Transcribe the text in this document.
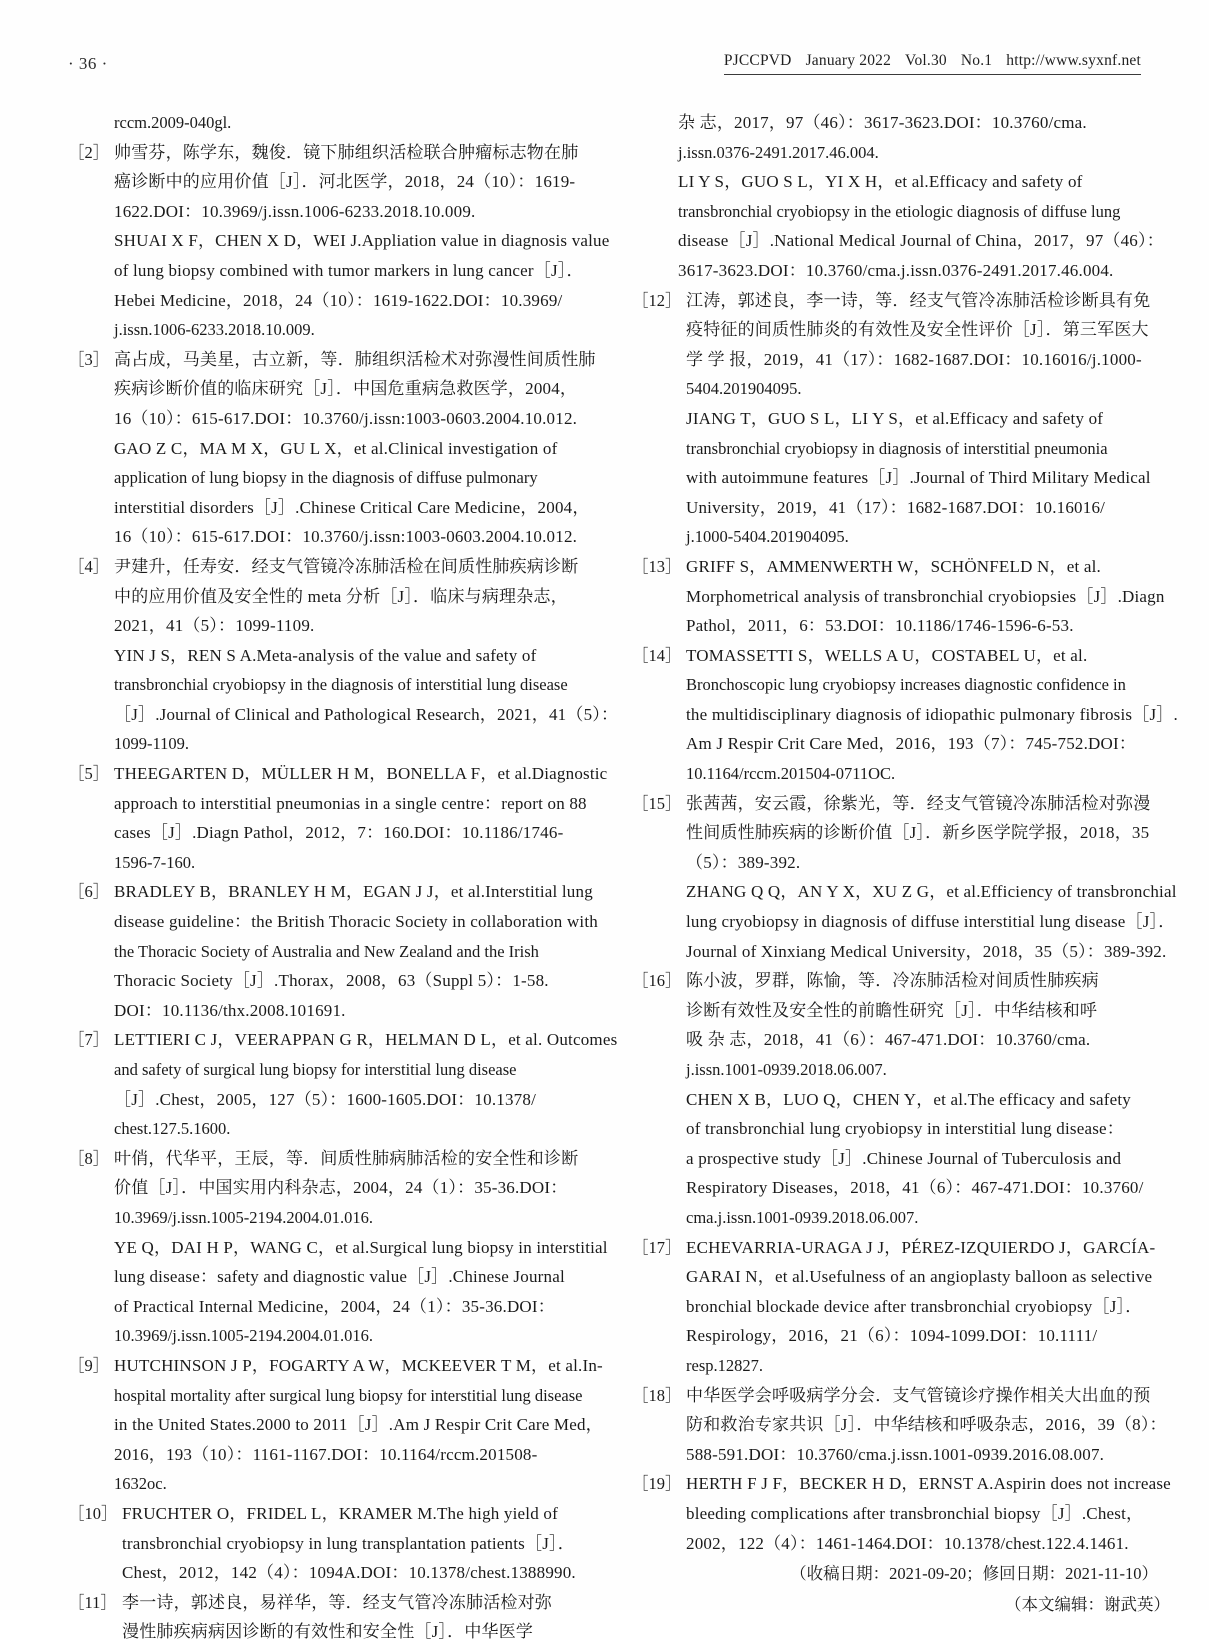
· 36 ·	PJCCPVD January 2022 Vol.30 No.1 http://www.syxnf.net
rccm.2009-040gl.
［2］ 帅雪芬，陈学东，魏俊．镜下肺组织活检联合肿瘤标志物在肺
癌诊断中的应用价值［J］．河北医学，2018，24（10）：1619-
1622.DOI：10.3969/j.issn.1006-6233.2018.10.009.
SHUAI X F，CHEN X D，WEI J.Appliation value in diagnosis value
of lung biopsy combined with tumor markers in lung cancer［J］．
Hebei Medicine，2018，24（10）：1619-1622.DOI：10.3969/
j.issn.1006-6233.2018.10.009.
［3］ 高占成，马美星，古立新，等．肺组织活检术对弥漫性间质性肺
疾病诊断价值的临床研究［J］．中国危重病急救医学，2004，
16（10）：615-617.DOI：10.3760/j.issn:1003-0603.2004.10.012.
GAO Z C，MA M X，GU L X，et al.Clinical investigation of
application of lung biopsy in the diagnosis of diffuse pulmonary
interstitial disorders［J］.Chinese Critical Care Medicine，2004，
16（10）：615-617.DOI：10.3760/j.issn:1003-0603.2004.10.012.
［4］ 尹建升，任寿安．经支气管镜冷冻肺活检在间质性肺疾病诊断
中的应用价值及安全性的 meta 分析［J］．临床与病理杂志，
2021，41（5）：1099-1109.
YIN J S，REN S A.Meta-analysis of the value and safety of
transbronchial cryobiopsy in the diagnosis of interstitial lung disease
［J］.Journal of Clinical and Pathological Research，2021，41（5）：
1099-1109.
［5］ THEEGARTEN D，MÜLLER H M，BONELLA F，et al.Diagnostic
approach to interstitial pneumonias in a single centre：report on 88
cases［J］.Diagn Pathol，2012，7：160.DOI：10.1186/1746-
1596-7-160.
［6］ BRADLEY B，BRANLEY H M，EGAN J J，et al.Interstitial lung
disease guideline：the British Thoracic Society in collaboration with
the Thoracic Society of Australia and New Zealand and the Irish
Thoracic Society［J］.Thorax，2008，63（Suppl 5）：1-58.
DOI：10.1136/thx.2008.101691.
［7］ LETTIERI C J，VEERAPPAN G R，HELMAN D L，et al. Outcomes
and safety of surgical lung biopsy for interstitial lung disease
［J］.Chest，2005，127（5）：1600-1605.DOI：10.1378/
chest.127.5.1600.
［8］ 叶俏，代华平，王辰，等．间质性肺病肺活检的安全性和诊断
价值［J］．中国实用内科杂志，2004，24（1）：35-36.DOI：
10.3969/j.issn.1005-2194.2004.01.016.
YE Q，DAI H P，WANG C，et al.Surgical lung biopsy in interstitial
lung disease：safety and diagnostic value［J］.Chinese Journal
of Practical Internal Medicine，2004，24（1）：35-36.DOI：
10.3969/j.issn.1005-2194.2004.01.016.
［9］ HUTCHINSON J P，FOGARTY A W，MCKEEVER T M，et al.In-
hospital mortality after surgical lung biopsy for interstitial lung disease
in the United States.2000 to 2011［J］.Am J Respir Crit Care Med，
2016，193（10）：1161-1167.DOI：10.1164/rccm.201508-
1632oc.
［10］ FRUCHTER O，FRIDEL L，KRAMER M.The high yield of
transbronchial cryobiopsy in lung transplantation patients［J］．
Chest，2012，142（4）：1094A.DOI：10.1378/chest.1388990.
［11］ 李一诗，郭述良，易祥华，等．经支气管冷冻肺活检对弥
漫性肺疾病病因诊断的有效性和安全性［J］．中华医学
杂 志，2017，97（46）：3617-3623.DOI：10.3760/cma.
j.issn.0376-2491.2017.46.004.
LI Y S，GUO S L，YI X H，et al.Efficacy and safety of
transbronchial cryobiopsy in the etiologic diagnosis of diffuse lung
disease［J］.National Medical Journal of China，2017，97（46）：
3617-3623.DOI：10.3760/cma.j.issn.0376-2491.2017.46.004.
［12］ 江涛，郭述良，李一诗，等．经支气管冷冻肺活检诊断具有免
疫特征的间质性肺炎的有效性及安全性评价［J］．第三军医大
学 学 报，2019，41（17）：1682-1687.DOI：10.16016/j.1000-
5404.201904095.
JIANG T，GUO S L，LI Y S，et al.Efficacy and safety of
transbronchial cryobiopsy in diagnosis of interstitial pneumonia
with autoimmune features［J］.Journal of Third Military Medical
University，2019，41（17）：1682-1687.DOI：10.16016/
j.1000-5404.201904095.
［13］ GRIFF S，AMMENWERTH W，SCHÖNFELD N，et al.
Morphometrical analysis of transbronchial cryobiopsies［J］.Diagn
Pathol，2011，6：53.DOI：10.1186/1746-1596-6-53.
［14］ TOMASSETTI S，WELLS A U，COSTABEL U，et al.
Bronchoscopic lung cryobiopsy increases diagnostic confidence in
the multidisciplinary diagnosis of idiopathic pulmonary fibrosis［J］.
Am J Respir Crit Care Med，2016，193（7）：745-752.DOI：
10.1164/rccm.201504-0711OC.
［15］ 张茜茜，安云霞，徐紫光，等．经支气管镜冷冻肺活检对弥漫
性间质性肺疾病的诊断价值［J］．新乡医学院学报，2018，35
（5）：389-392.
ZHANG Q Q，AN Y X，XU Z G，et al.Efficiency of transbronchial
lung cryobiopsy in diagnosis of diffuse interstitial lung disease［J］．
Journal of Xinxiang Medical University，2018，35（5）：389-392.
［16］ 陈小波，罗群，陈愉，等．冷冻肺活检对间质性肺疾病
诊断有效性及安全性的前瞻性研究［J］．中华结核和呼
吸 杂 志，2018，41（6）：467-471.DOI：10.3760/cma.
j.issn.1001-0939.2018.06.007.
CHEN X B，LUO Q，CHEN Y，et al.The efficacy and safety
of transbronchial lung cryobiopsy in interstitial lung disease：
a prospective study［J］.Chinese Journal of Tuberculosis and
Respiratory Diseases，2018，41（6）：467-471.DOI：10.3760/
cma.j.issn.1001-0939.2018.06.007.
［17］ ECHEVARRIA-URAGA J J，PÉREZ-IZQUIERDO J，GARCÍA-
GARAI N，et al.Usefulness of an angioplasty balloon as selective
bronchial blockade device after transbronchial cryobiopsy［J］．
Respirology，2016，21（6）：1094-1099.DOI：10.1111/
resp.12827.
［18］ 中华医学会呼吸病学分会．支气管镜诊疗操作相关大出血的预
防和救治专家共识［J］．中华结核和呼吸杂志，2016，39（8）：
588-591.DOI：10.3760/cma.j.issn.1001-0939.2016.08.007.
［19］ HERTH F J F，BECKER H D，ERNST A.Aspirin does not increase
bleeding complications after transbronchial biopsy［J］.Chest，
2002，122（4）：1461-1464.DOI：10.1378/chest.122.4.1461.
（收稿日期：2021-09-20；修回日期：2021-11-10）
（本文编辑：谢武英）
